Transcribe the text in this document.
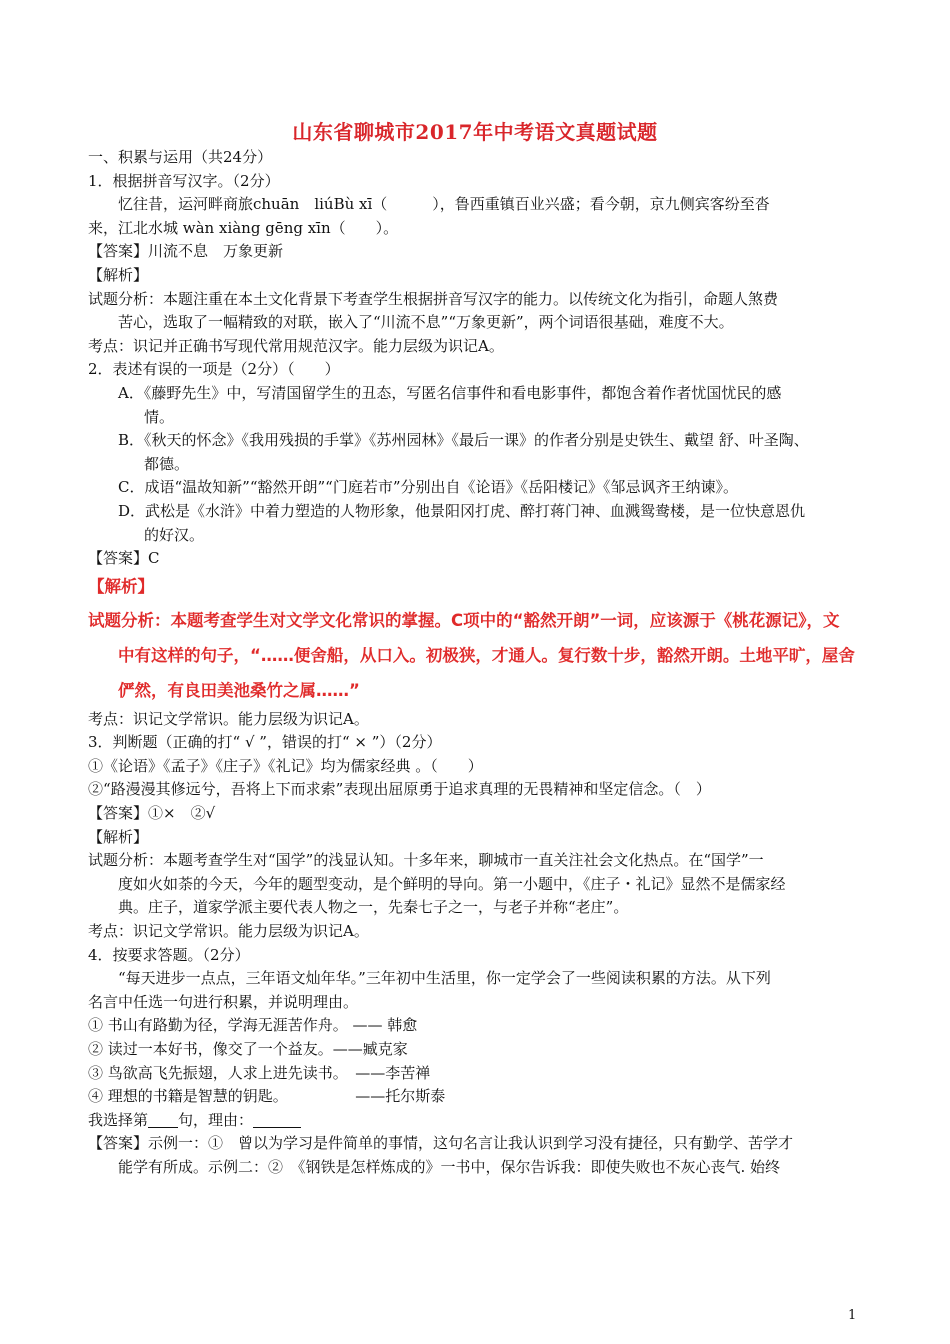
山东省聊城市2017年中考语文真题试题
一、积累与运用（共24分）
1．根据拼音写汉字。（2分）
忆往昔，运河畔商旅chuān　liúBù xī（　　　），鲁西重镇百业兴盛；看今朝，京九侧宾客纷至沓
来，江北水城 wàn xiàng gēng xīn（　　）。
【答案】川流不息　万象更新
【解析】
试题分析：本题注重在本土文化背景下考查学生根据拼音写汉字的能力。以传统文化为指引，命题人煞费
苦心，选取了一幅精致的对联，嵌入了“川流不息”“万象更新”，两个词语很基础，难度不大。
考点：识记并正确书写现代常用规范汉字。能力层级为识记A。
2．表述有误的一项是（2分）（　　）
A．《藤野先生》中，写清国留学生的丑态，写匿名信事件和看电影事件，都饱含着作者忧国忧民的感
情。
B．《秋天的怀念》《我用残损的手掌》《苏州园林》《最后一课》的作者分别是史铁生、戴望 舒、叶圣陶、
都德。
C．成语“温故知新”“豁然开朗”“门庭若市”分别出自《论语》《岳阳楼记》《邹忌讽齐王纳谏》。
D．武松是《水浒》中着力塑造的人物形象，他景阳冈打虎、醉打蒋门神、血溅鸳鸯楼，是一位快意恩仇
的好汉。
【答案】C
【解析】
试题分析：本题考查学生对文学文化常识的掌握。C项中的“豁然开朗”一词，应该源于《桃花源记》，文
中有这样的句子，“……便舍船，从口入。初极狭，才通人。复行数十步，豁然开朗。土地平旷，屋舍
俨然，有良田美池桑竹之属……”
考点：识记文学常识。能力层级为识记A。
3．判断题（正确的打“ √ ”，错误的打“ × ”）（2分）
①《论语》《孟子》《庄子》《礼记》均为儒家经典 。（　　）
②“路漫漫其修远兮，吾将上下而求索”表现出屈原勇于追求真理的无畏精神和坚定信念。（　）
【答案】①×　②√
【解析】
试题分析：本题考查学生对“国学”的浅显认知。十多年来，聊城市一直关注社会文化热点。在“国学”一
度如火如荼的今天，今年的题型变动，是个鲜明的导向。第一小题中，《庄子・礼记》显然不是儒家经
典。庄子，道家学派主要代表人物之一，先秦七子之一，与老子并称“老庄”。
考点：识记文学常识。能力层级为识记A。
4．按要求答题。（2分）
“每天进步一点点，三年语文灿年华。”三年初中生活里，你一定学会了一些阅读积累的方法。从下列
名言中任选一句进行积累，并说明理由。
① 书山有路勤为径，学海无涯苦作舟。 —— 韩愈
② 读过一本好书，像交了一个益友。——臧克家
③ 鸟欲高飞先振翅，人求上进先读书。　——李苦禅
④ 理想的书籍是智慧的钥匙。　　　　　——托尔斯泰
我选择第 句，理由：
【答案】示例一：①　曾以为学习是件简单的事情，这句名言让我认识到学习没有捷径，只有勤学、苦学才
能学有所成。示例二：②　《钢铁是怎样炼成的》一书中，保尔告诉我：即使失败也不灰心丧气. 始终
1
